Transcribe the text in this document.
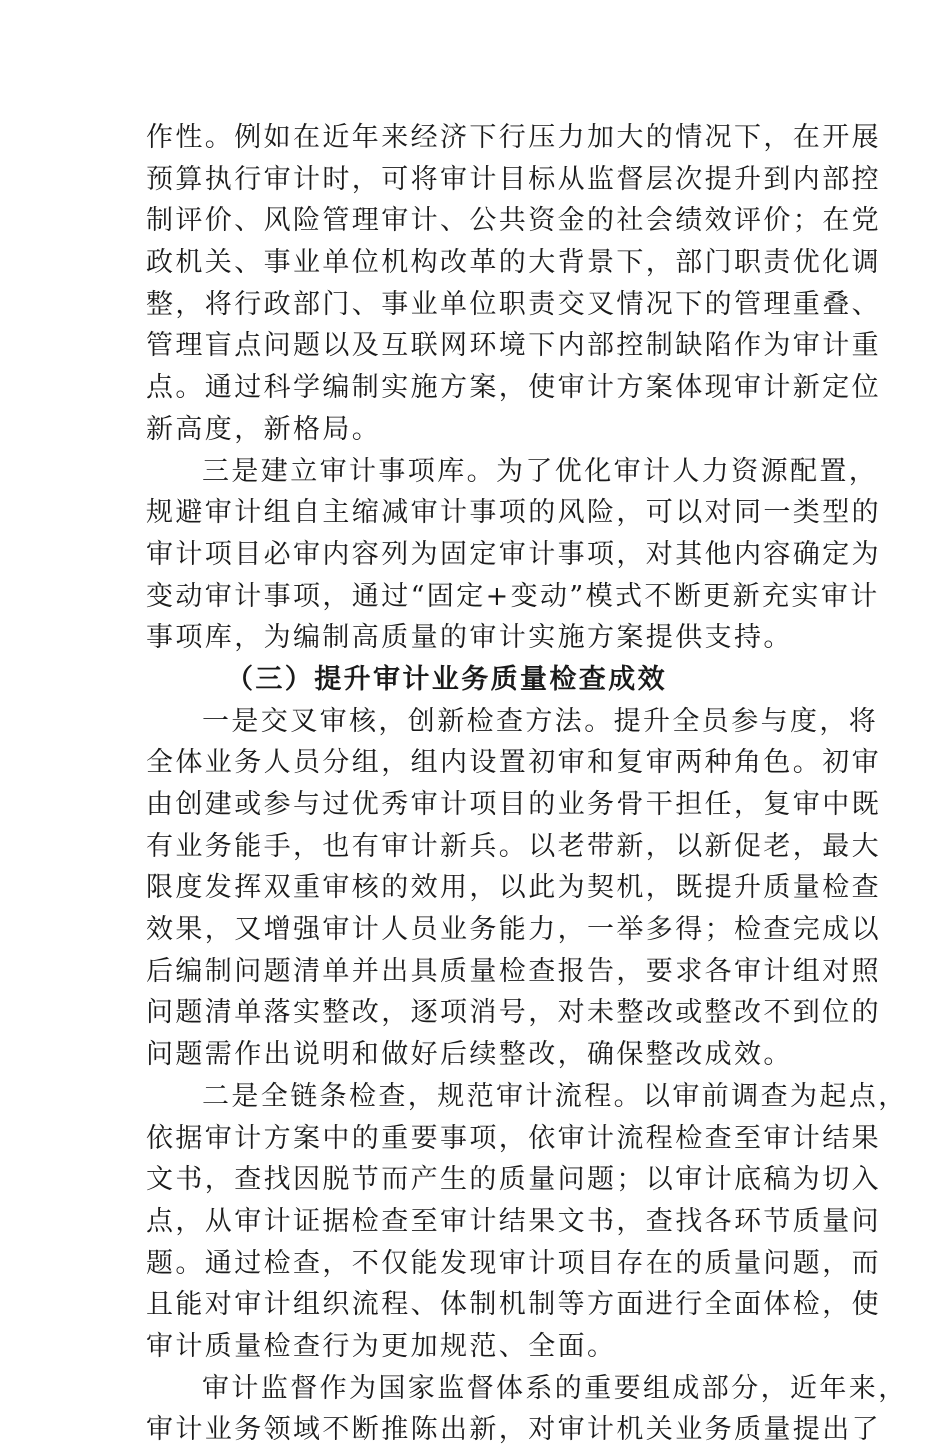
作性。例如在近年来经济下行压力加大的情况下，在开展
预算执行审计时，可将审计目标从监督层次提升到内部控
制评价、风险管理审计、公共资金的社会绩效评价；在党
政机关、事业单位机构改革的大背景下，部门职责优化调
整，将行政部门、事业单位职责交叉情况下的管理重叠、
管理盲点问题以及互联网环境下内部控制缺陷作为审计重
点。通过科学编制实施方案，使审计方案体现审计新定位
新高度，新格局。
三是建立审计事项库。为了优化审计人力资源配置，
规避审计组自主缩减审计事项的风险，可以对同一类型的
审计项目必审内容列为固定审计事项，对其他内容确定为
变动审计事项，通过“固定+变动”模式不断更新充实审计
事项库，为编制高质量的审计实施方案提供支持。
（三）提升审计业务质量检查成效
一是交叉审核，创新检查方法。提升全员参与度，将
全体业务人员分组，组内设置初审和复审两种角色。初审
由创建或参与过优秀审计项目的业务骨干担任，复审中既
有业务能手，也有审计新兵。以老带新，以新促老，最大
限度发挥双重审核的效用，以此为契机，既提升质量检查
效果，又增强审计人员业务能力，一举多得；检查完成以
后编制问题清单并出具质量检查报告，要求各审计组对照
问题清单落实整改，逐项消号，对未整改或整改不到位的
问题需作出说明和做好后续整改，确保整改成效。
二是全链条检查，规范审计流程。以审前调查为起点，
依据审计方案中的重要事项，依审计流程检查至审计结果
文书，查找因脱节而产生的质量问题；以审计底稿为切入
点，从审计证据检查至审计结果文书，查找各环节质量问
题。通过检查，不仅能发现审计项目存在的质量问题，而
且能对审计组织流程、体制机制等方面进行全面体检，使
审计质量检查行为更加规范、全面。
审计监督作为国家监督体系的重要组成部分，近年来，
审计业务领域不断推陈出新，对审计机关业务质量提出了
